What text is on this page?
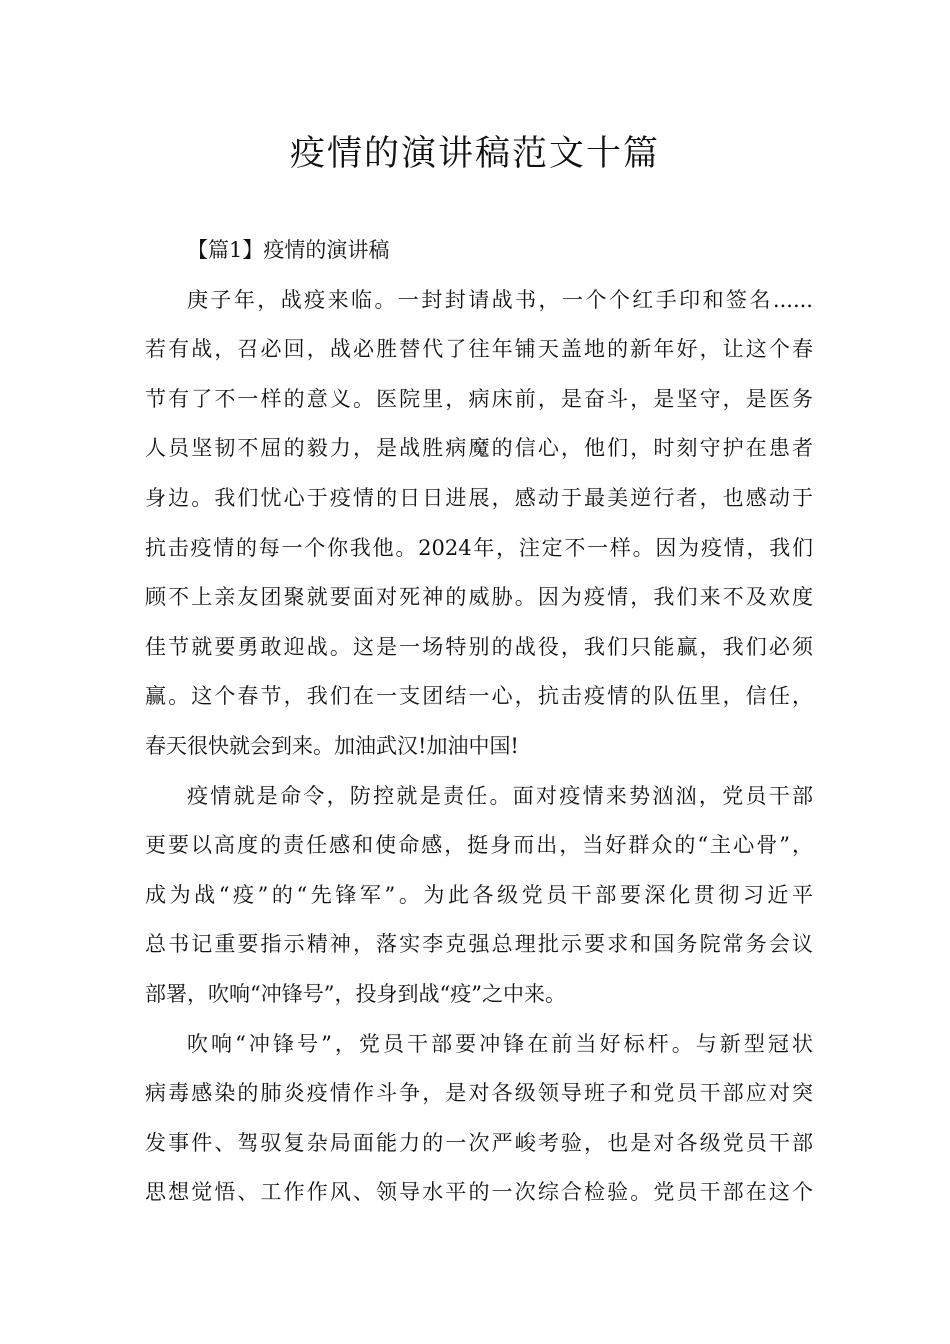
疫情的演讲稿范文十篇

【篇1】疫情的演讲稿

庚子年，战疫来临。一封封请战书，一个个红手印和签名......
若有战，召必回，战必胜替代了往年铺天盖地的新年好，让这个春
节有了不一样的意义。医院里，病床前，是奋斗，是坚守，是医务
人员坚韧不屈的毅力，是战胜病魔的信心，他们，时刻守护在患者
身边。我们忧心于疫情的日日进展，感动于最美逆行者，也感动于
抗击疫情的每一个你我他。2024年，注定不一样。因为疫情，我们
顾不上亲友团聚就要面对死神的威胁。因为疫情，我们来不及欢度
佳节就要勇敢迎战。这是一场特别的战役，我们只能赢，我们必须
赢。这个春节，我们在一支团结一心，抗击疫情的队伍里，信任，
春天很快就会到来。加油武汉!加油中国!

疫情就是命令，防控就是责任。面对疫情来势汹汹，党员干部
更要以高度的责任感和使命感，挺身而出，当好群众的“主心骨”，
成为战“疫”的“先锋军”。为此各级党员干部要深化贯彻习近平
总书记重要指示精神，落实李克强总理批示要求和国务院常务会议
部署，吹响“冲锋号”，投身到战“疫”之中来。

吹响“冲锋号”，党员干部要冲锋在前当好标杆。与新型冠状
病毒感染的肺炎疫情作斗争，是对各级领导班子和党员干部应对突
发事件、驾驭复杂局面能力的一次严峻考验，也是对各级党员干部
思想觉悟、工作作风、领导水平的一次综合检验。党员干部在这个
